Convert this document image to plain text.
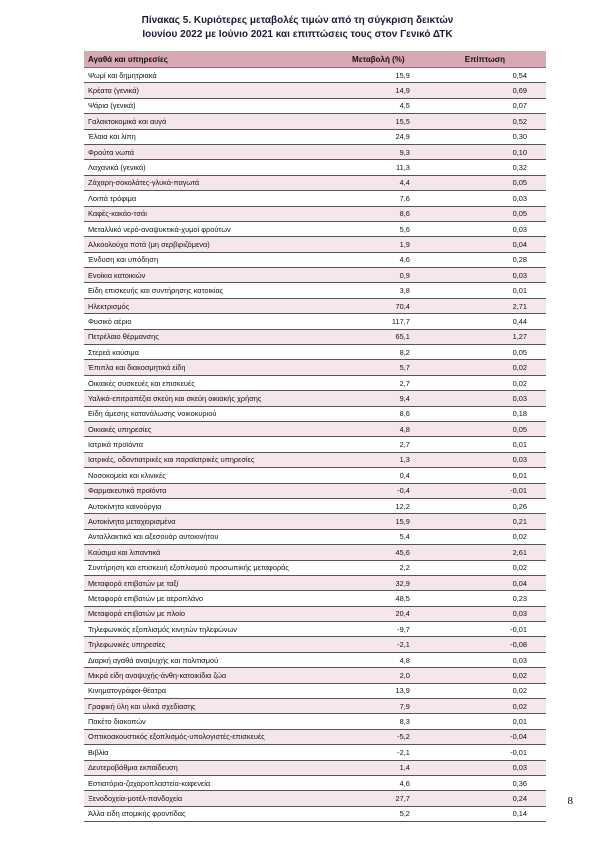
Πίνακας 5. Κυριότερες μεταβολές τιμών από τη σύγκριση δεικτών
Ιουνίου 2022 με Ιούνιο 2021 και επιπτώσεις τους στον Γενικό ΔΤΚ
Αγαθά και υπηρεσίες	Μεταβολή (%)	Επίπτωση
Ψωμί και δημητριακά	15,9	0,54
Κρέατα (γενικά)	14,9	0,69
Ψάρια (γενικά)	4,5	0,07
Γαλακτοκομικά και αυγά	15,5	0,52
Έλαια και λίπη	24,9	0,30
Φρούτα νωπά	9,3	0,10
Λαχανικά (γενικά)	11,3	0,32
Ζάχαρη-σοκολάτες-γλυκά-παγωτά	4,4	0,05
Λοιπά τρόφιμα	7,6	0,03
Καφές-κακάο-τσάι	8,6	0,05
Μεταλλικό νερό-αναψυκτικά-χυμοί φρούτων	5,6	0,03
Αλκοολούχα ποτά (μη σερβιριζόμενα)	1,9	0,04
Ένδυση και υπόδηση	4,6	0,28
Ενοίκια κατοικιών	0,9	0,03
Είδη επισκευής και συντήρησης κατοικίας	3,8	0,01
Ηλεκτρισμός	70,4	2,71
Φυσικό αέριο	117,7	0,44
Πετρέλαιο θέρμανσης	65,1	1,27
Στερεά καύσιμα	8,2	0,05
Έπιπλα και διακοσμητικά είδη	5,7	0,02
Οικιακές συσκευές και επισκευές	2,7	0,02
Υαλικά-επιτραπέζια σκεύη και σκεύη οικιακής χρήσης	9,4	0,03
Είδη άμεσης κατανάλωσης νοικοκυριού	8,6	0,18
Οικιακές υπηρεσίες	4,8	0,05
Ιατρικά προϊόντα	2,7	0,01
Ιατρικές, οδοντιατρικές και παραϊατρικές υπηρεσίες	1,3	0,03
Νοσοκομεία και κλινικές	0,4	0,01
Φαρμακευτικά προϊόντα	-0,4	-0,01
Αυτοκίνητα καινούργια	12,2	0,26
Αυτοκίνητα μεταχειρισμένα	15,9	0,21
Ανταλλακτικά και αξεσουάρ αυτοκινήτου	5,4	0,02
Καύσιμα και λιπαντικά	45,6	2,61
Συντήρηση και επισκευή εξοπλισμού προσωπικής μεταφοράς	2,2	0,02
Μεταφορά επιβατών με ταξί	32,9	0,04
Μεταφορά επιβατών με αεροπλάνο	48,5	0,23
Μεταφορά επιβατών με πλοίο	20,4	0,03
Τηλεφωνικός εξοπλισμός κινητών τηλεφώνων	-9,7	-0,01
Τηλεφωνικές υπηρεσίες	-2,1	-0,08
Διαρκή αγαθά αναψυχής και πολιτισμού	4,8	0,03
Μικρά είδη αναψυχής-άνθη-κατοικίδια ζώα	2,0	0,02
Κινηματογράφοι-θέατρα	13,9	0,02
Γραφική ύλη και υλικά σχεδίασης	7,9	0,02
Πακέτο διακοπών	8,3	0,01
Οπτικοακουστικός εξοπλισμός-υπολογιστές-επισκευές	-5,2	-0,04
Βιβλία	-2,1	-0,01
Δευτεροβάθμια εκπαίδευση	1,4	0,03
Εστιατόρια-ζαχαροπλαστεία-καφενεία	4,6	0,36
Ξενοδοχεία-μοτέλ-πανδοχεία	27,7	0,24
Άλλα είδη ατομικής φροντίδας	5,2	0,14
8
